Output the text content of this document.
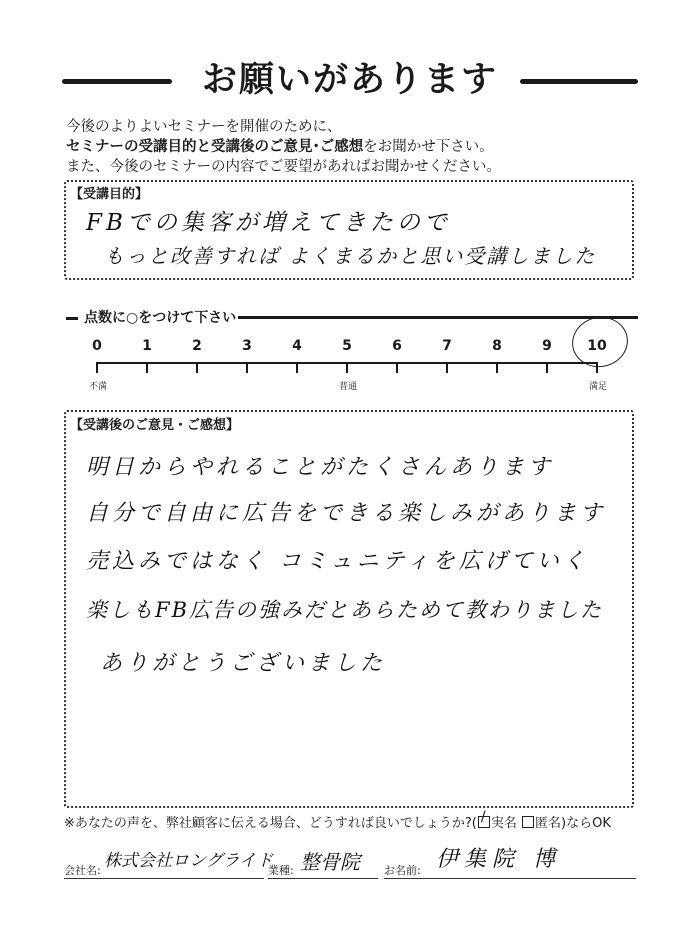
お願いがあります
今後のよりよいセミナーを開催のために、
セミナーの受講目的と受講後のご意見･ご感想をお聞かせ下さい。
また、今後のセミナーの内容でご要望があればお聞かせください。
【受講目的】
FBでの集客が増えてきたので
もっと改善すれば よくまるかと思い受講しました
点数に○をつけて下さい
0	1	2	3	4	5	6	7	8	9	10
不満	普通	満足
【受講後のご意見・ご感想】
明日からやれることがたくさんあります
自分で自由に広告をできる楽しみがあります
売込みではなく コミュニティを広げていく
楽しもFB広告の強みだとあらためて教わりました
ありがとうございました
※あなたの声を、弊社顧客に伝える場合、どうすれば良いでしょうか?( / 実名 匿名)ならOK
会社名: 株式会社ロングライド
業種: 整骨院 お名前: 伊集院 博
